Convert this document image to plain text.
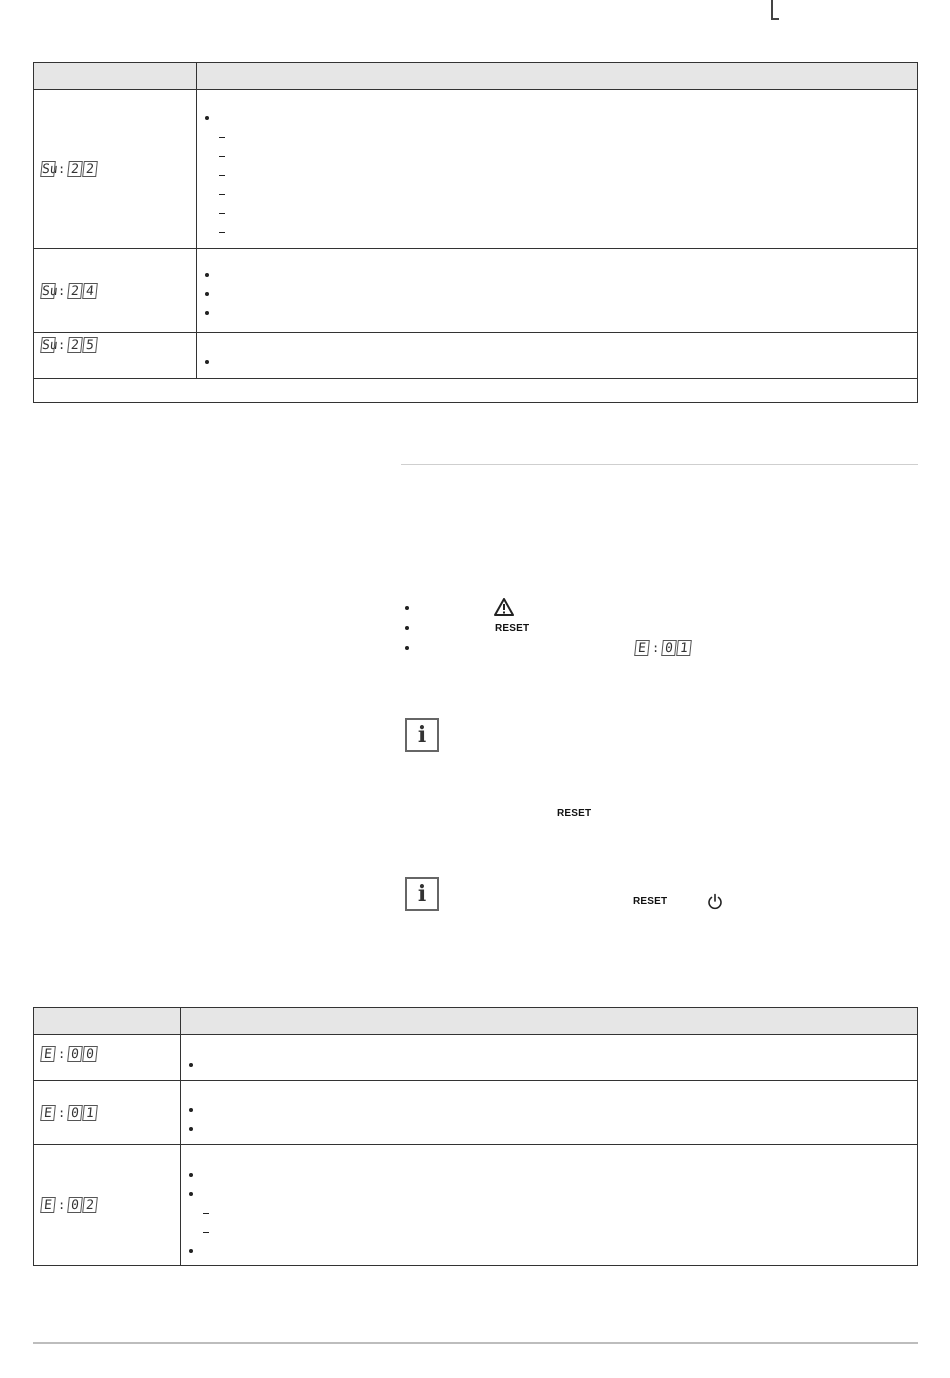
Su : 2 2	

Su : 2 4	

Su : 2 5	

RESET
E : 0 1
i
RESET
i	RESET

E : 0 0	

E : 0 1	

E : 0 2	
